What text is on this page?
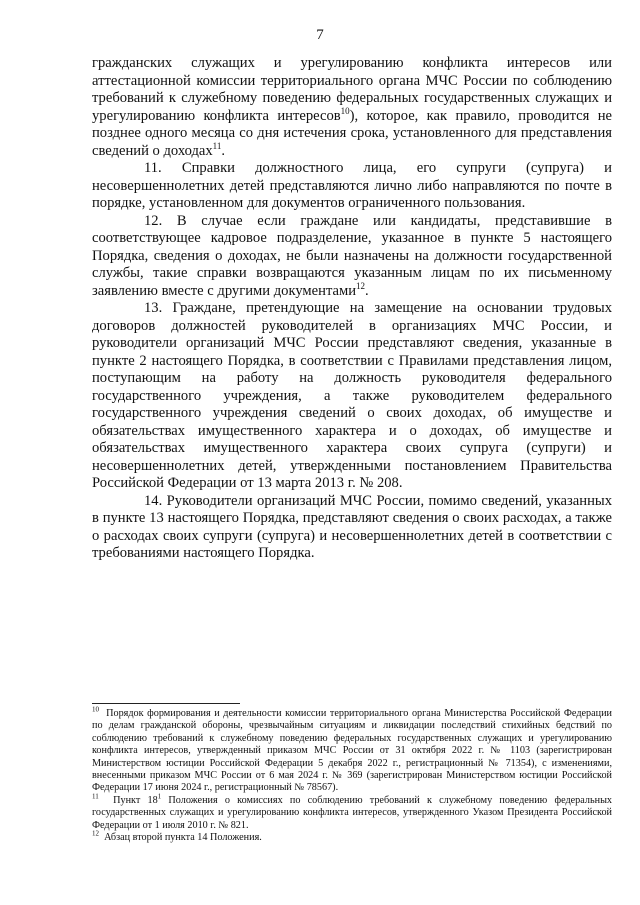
7

гражданских служащих и урегулированию конфликта интересов или аттестационной комиссии территориального органа МЧС России по соблюдению требований к служебному поведению федеральных государственных служащих и урегулированию конфликта интересов$^{10}$), которое, как правило, проводится не позднее одного месяца со дня истечения срока, установленного для представления сведений о доходах$^{11}$.

11. Справки должностного лица, его супруги (супруга) и несовершеннолетних детей представляются лично либо направляются по почте в порядке, установленном для документов ограниченного пользования.

12. В случае если граждане или кандидаты, представившие в соответствующее кадровое подразделение, указанное в пункте 5 настоящего Порядка, сведения о доходах, не были назначены на должности государственной службы, такие справки возвращаются указанным лицам по их письменному заявлению вместе с другими документами$^{12}$.

13. Граждане, претендующие на замещение на основании трудовых договоров должностей руководителей в организациях МЧС России, и руководители организаций МЧС России представляют сведения, указанные в пункте 2 настоящего Порядка, в соответствии с Правилами представления лицом, поступающим на работу на должность руководителя федерального государственного учреждения, а также руководителем федерального государственного учреждения сведений о своих доходах, об имуществе и обязательствах имущественного характера и о доходах, об имуществе и обязательствах имущественного характера своих супруга (супруги) и несовершеннолетних детей, утвержденными постановлением Правительства Российской Федерации от 13 марта 2013 г. № 208.

14. Руководители организаций МЧС России, помимо сведений, указанных в пункте 13 настоящего Порядка, представляют сведения о своих расходах, а также о расходах своих супруги (супруга) и несовершеннолетних детей в соответствии с требованиями настоящего Порядка.

$^{10}$ Порядок формирования и деятельности комиссии территориального органа Министерства Российской Федерации по делам гражданской обороны, чрезвычайным ситуациям и ликвидации последствий стихийных бедствий по соблюдению требований к служебному поведению федеральных государственных служащих и урегулированию конфликта интересов, утвержденный приказом МЧС России от 31 октября 2022 г. № 1103 (зарегистрирован Министерством юстиции Российской Федерации 5 декабря 2022 г., регистрационный № 71354), с изменениями, внесенными приказом МЧС России от 6 мая 2024 г. № 369 (зарегистрирован Министерством юстиции Российской Федерации 17 июня 2024 г., регистрационный № 78567).

$^{11}$ Пункт $18^1$ Положения о комиссиях по соблюдению требований к служебному поведению федеральных государственных служащих и урегулированию конфликта интересов, утвержденного Указом Президента Российской Федерации от 1 июля 2010 г. № 821.

$^{12}$ Абзац второй пункта 14 Положения.
